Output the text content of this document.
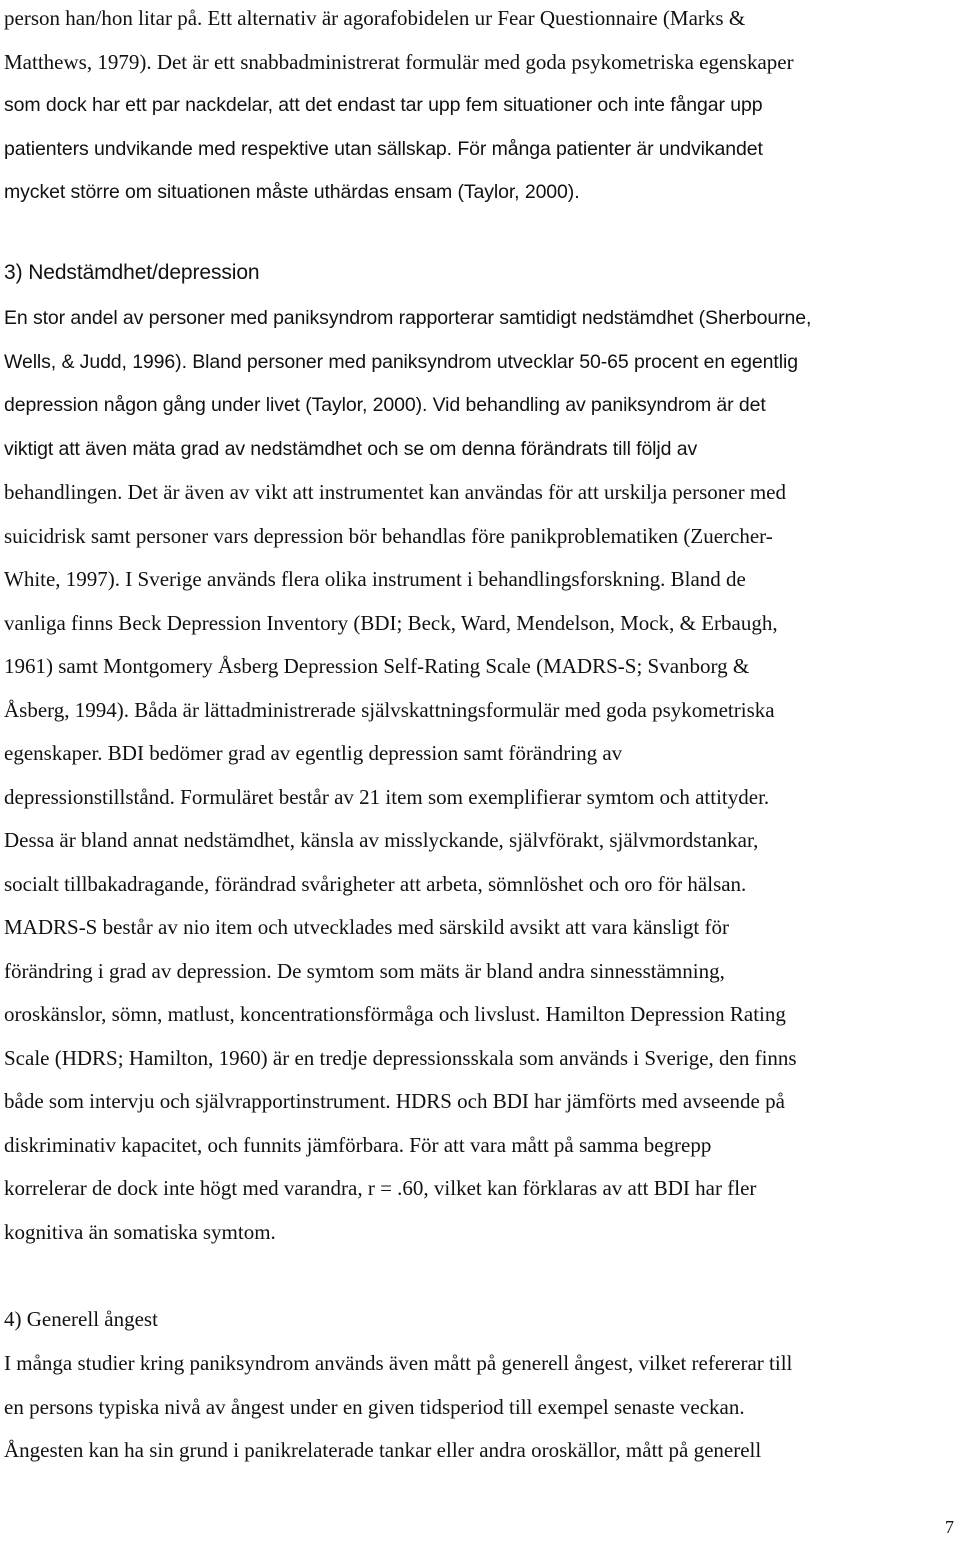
person han/hon litar på. Ett alternativ är agorafobidelen ur Fear Questionnaire (Marks &
Matthews, 1979). Det är ett snabbadministrerat formulär med goda psykometriska egenskaper
som dock har ett par nackdelar, att det endast tar upp fem situationer och inte fångar upp
patienters undvikande med respektive utan sällskap. För många patienter är undvikandet
mycket större om situationen måste uthärdas ensam (Taylor, 2000).
3) Nedstämdhet/depression
En stor andel av personer med paniksyndrom rapporterar samtidigt nedstämdhet (Sherbourne,
Wells, & Judd, 1996). Bland personer med paniksyndrom utvecklar 50-65 procent en egentlig
depression någon gång under livet (Taylor, 2000). Vid behandling av paniksyndrom är det
viktigt att även mäta grad av nedstämdhet och se om denna förändrats till följd av
behandlingen. Det är även av vikt att instrumentet kan användas för att urskilja personer med
suicidrisk samt personer vars depression bör behandlas före panikproblematiken (Zuercher-
White, 1997). I Sverige används flera olika instrument i behandlingsforskning. Bland de
vanliga finns Beck Depression Inventory (BDI; Beck, Ward, Mendelson, Mock, & Erbaugh,
1961) samt Montgomery Åsberg Depression Self-Rating Scale (MADRS-S; Svanborg &
Åsberg, 1994). Båda är lättadministrerade självskattningsformulär med goda psykometriska
egenskaper. BDI bedömer grad av egentlig depression samt förändring av
depressionstillstånd. Formuläret består av 21 item som exemplifierar symtom och attityder.
Dessa är bland annat nedstämdhet, känsla av misslyckande, självförakt, självmordstankar,
socialt tillbakadragande, förändrad svårigheter att arbeta, sömnlöshet och oro för hälsan.
MADRS-S består av nio item och utvecklades med särskild avsikt att vara känsligt för
förändring i grad av depression. De symtom som mäts är bland andra sinnesstämning,
oroskänslor, sömn, matlust, koncentrationsförmåga och livslust. Hamilton Depression Rating
Scale (HDRS; Hamilton, 1960) är en tredje depressionsskala som används i Sverige, den finns
både som intervju och självrapportinstrument. HDRS och BDI har jämförts med avseende på
diskriminativ kapacitet, och funnits jämförbara. För att vara mått på samma begrepp
korrelerar de dock inte högt med varandra, r = .60, vilket kan förklaras av att BDI har fler
kognitiva än somatiska symtom.
4) Generell ångest
I många studier kring paniksyndrom används även mått på generell ångest, vilket refererar till
en persons typiska nivå av ångest under en given tidsperiod till exempel senaste veckan.
Ångesten kan ha sin grund i panikrelaterade tankar eller andra oroskällor, mått på generell
7
